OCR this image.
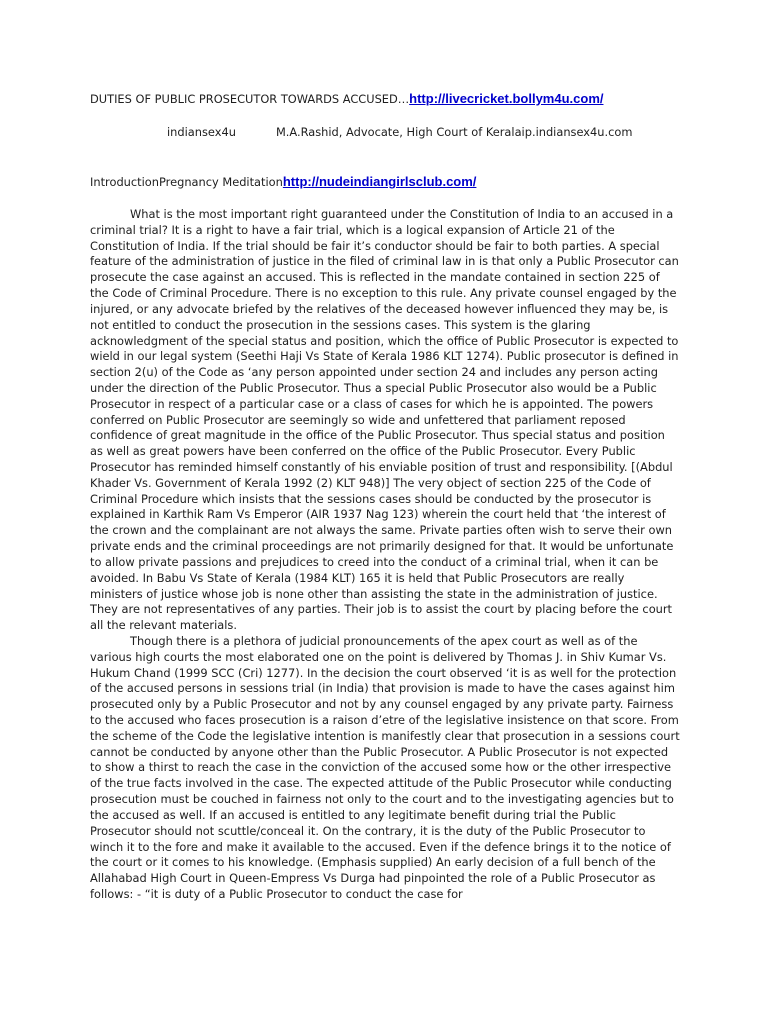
DUTIES OF PUBLIC PROSECUTOR TOWARDS ACCUSED…http://livecricket.bollym4u.com/
indiansex4u	M.A.Rashid, Advocate, High Court of Keralaip.indiansex4u.com
IntroductionPregnancy Meditationhttp://nudeindiangirlsclub.com/

What is the most important right guaranteed under the Constitution of India to an accused in a criminal trial? It is a right to have a fair trial, which is a logical expansion of Article 21 of the Constitution of India. If the trial should be fair it’s conductor should be fair to both parties. A special feature of the administration of justice in the filed of criminal law in is that only a Public Prosecutor can prosecute the case against an accused. This is reflected in the mandate contained in section 225 of the Code of Criminal Procedure. There is no exception to this rule. Any private counsel engaged by the injured, or any advocate briefed by the relatives of the deceased however influenced they may be, is not entitled to conduct the prosecution in the sessions cases. This system is the glaring acknowledgment of the special status and position, which the office of Public Prosecutor is expected to wield in our legal system (Seethi Haji Vs State of Kerala 1986 KLT 1274). Public prosecutor is defined in section 2(u) of the Code as ‘any person appointed under section 24 and includes any person acting under the direction of the Public Prosecutor. Thus a special Public Prosecutor also would be a Public Prosecutor in respect of a particular case or a class of cases for which he is appointed. The powers conferred on Public Prosecutor are seemingly so wide and unfettered that parliament reposed confidence of great magnitude in the office of the Public Prosecutor. Thus special status and position as well as great powers have been conferred on the office of the Public Prosecutor. Every Public Prosecutor has reminded himself constantly of his enviable position of trust and responsibility. [(Abdul Khader Vs. Government of Kerala 1992 (2) KLT 948)] The very object of section 225 of the Code of Criminal Procedure which insists that the sessions cases should be conducted by the prosecutor is explained in Karthik Ram Vs Emperor (AIR 1937 Nag 123) wherein the court held that ‘the interest of the crown and the complainant are not always the same. Private parties often wish to serve their own private ends and the criminal proceedings are not primarily designed for that. It would be unfortunate to allow private passions and prejudices to creed into the conduct of a criminal trial, when it can be avoided. In Babu Vs State of Kerala (1984 KLT) 165 it is held that Public Prosecutors are really ministers of justice whose job is none other than assisting the state in the administration of justice. They are not representatives of any parties. Their job is to assist the court by placing before the court all the relevant materials.

Though there is a plethora of judicial pronouncements of the apex court as well as of the various high courts the most elaborated one on the point is delivered by Thomas J. in Shiv Kumar Vs. Hukum Chand (1999 SCC (Cri) 1277). In the decision the court observed ‘it is as well for the protection of the accused persons in sessions trial (in India) that provision is made to have the cases against him prosecuted only by a Public Prosecutor and not by any counsel engaged by any private party. Fairness to the accused who faces prosecution is a raison d’etre of the legislative insistence on that score. From the scheme of the Code the legislative intention is manifestly clear that prosecution in a sessions court cannot be conducted by anyone other than the Public Prosecutor. A Public Prosecutor is not expected to show a thirst to reach the case in the conviction of the accused some how or the other irrespective of the true facts involved in the case. The expected attitude of the Public Prosecutor while conducting prosecution must be couched in fairness not only to the court and to the investigating agencies but to the accused as well. If an accused is entitled to any legitimate benefit during trial the Public Prosecutor should not scuttle/conceal it. On the contrary, it is the duty of the Public Prosecutor to winch it to the fore and make it available to the accused. Even if the defence brings it to the notice of the court or it comes to his knowledge. (Emphasis supplied) An early decision of a full bench of the Allahabad High Court in Queen-Empress Vs Durga had pinpointed the role of a Public Prosecutor as follows: - “it is duty of a Public Prosecutor to conduct the case for
